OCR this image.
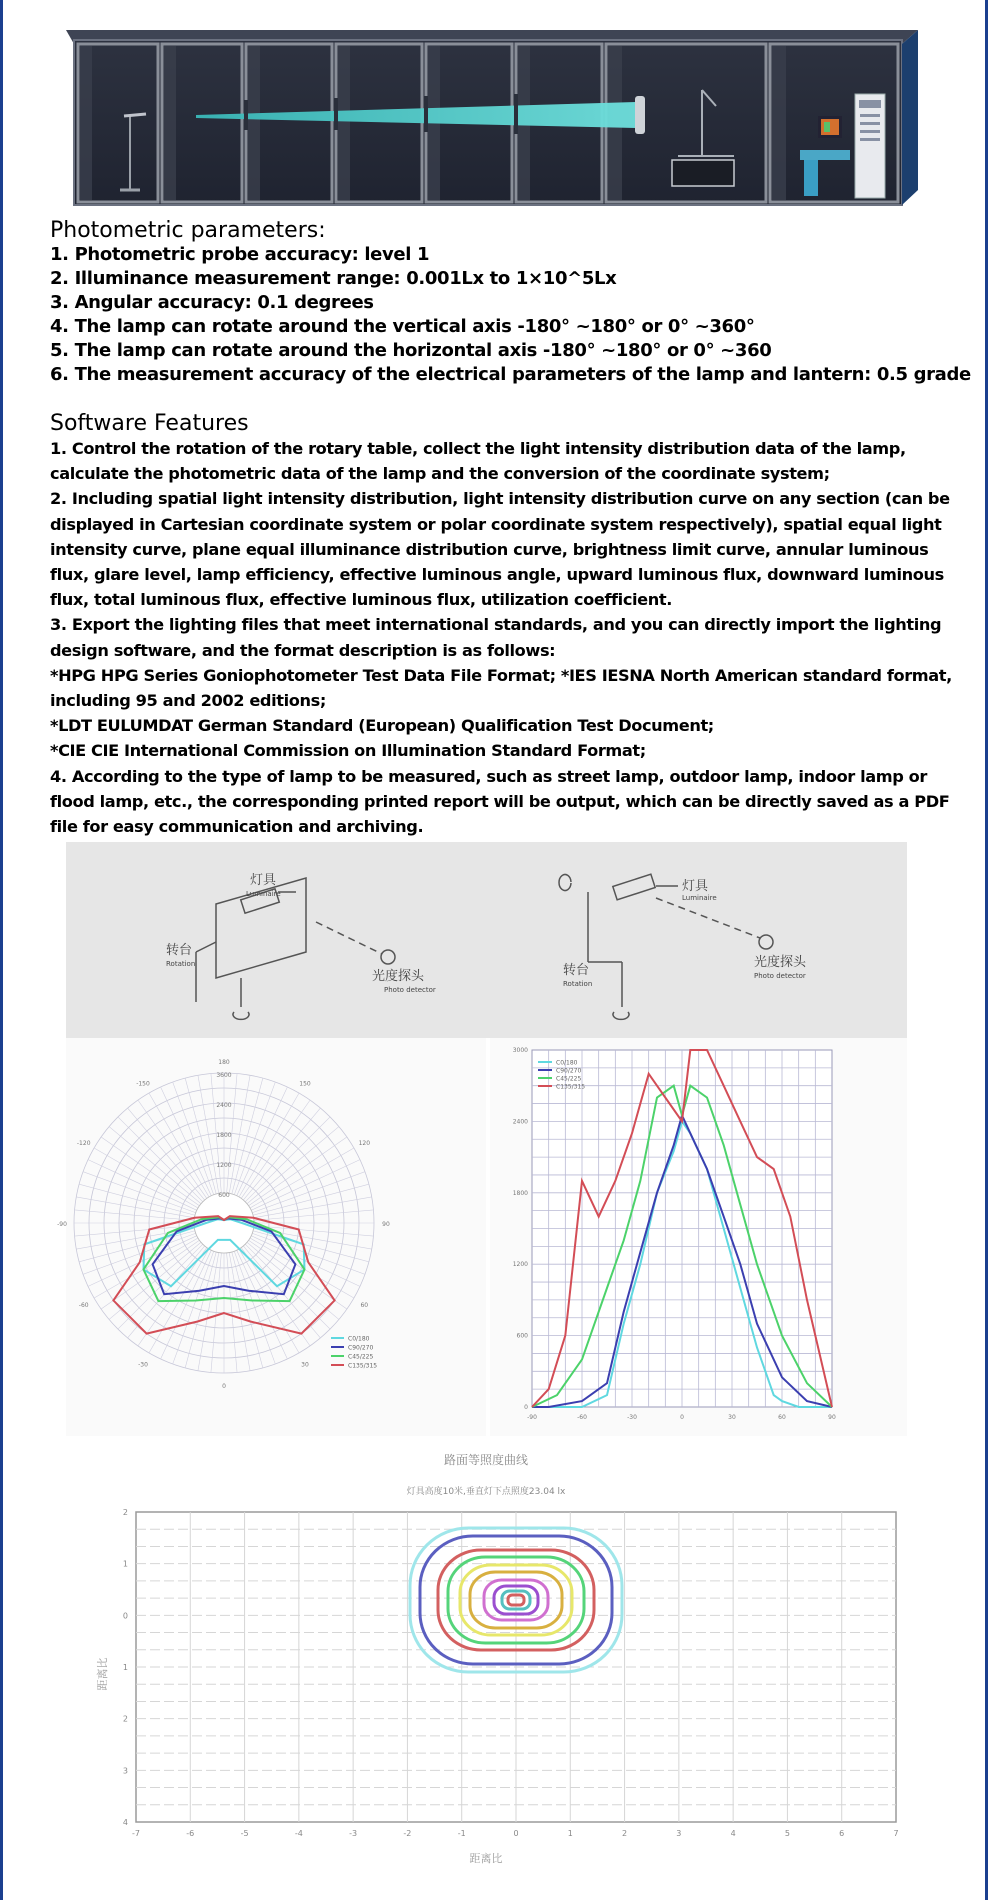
Photometric parameters:
1. Photometric probe accuracy: level 1
2. Illuminance measurement range: 0.001Lx to 1×10^5Lx
3. Angular accuracy: 0.1 degrees
4. The lamp can rotate around the vertical axis -180° ~180° or 0° ~360°
5. The lamp can rotate around the horizontal axis -180° ~180° or 0° ~360
6. The measurement accuracy of the electrical parameters of the lamp and lantern: 0.5 grade
Software Features

1. Control the rotation of the rotary table, collect the light intensity distribution data of the lamp, calculate the photometric data of the lamp and the conversion of the coordinate system;

2. Including spatial light intensity distribution, light intensity distribution curve on any section (can be displayed in Cartesian coordinate system or polar coordinate system respectively), spatial equal light intensity curve, plane equal illuminance distribution curve, brightness limit curve, annular luminous flux, glare level, lamp efficiency, effective luminous angle, upward luminous flux, downward luminous flux, total luminous flux, effective luminous flux, utilization coefficient.

3. Export the lighting files that meet international standards, and you can directly import the lighting design software, and the format description is as follows:

*HPG HPG Series Goniophotometer Test Data File Format; *IES IESNA North American standard format, including 95 and 2002 editions;

*LDT EULUMDAT German Standard (European) Qualification Test Document;

*CIE CIE International Commission on Illumination Standard Format;

4. According to the type of lamp to be measured, such as street lamp, outdoor lamp, indoor lamp or flood lamp, etc., the corresponding printed report will be output, which can be directly saved as a PDF file for easy communication and archiving.

灯具
Luminaire
转台
Rotation
光度探头
Photo detector
灯具
Luminaire
转台
Rotation
光度探头
Photo detector
3600
2400
1800
1200
600
180
150
120
90
60
30
0
-30
-60
-90
-120
-150
C0/180
C90/270
C45/225
C135/315
-90	-60	-30	0	30	60	90
3000
2400
1800
1200
600
0
C0/180
C90/270
C45/225
C135/315
路面等照度曲线
灯具高度10米,垂直灯下点照度23.04 lx
距离比
距离比
-7	-6	-5	-4	-3	-2	-1	0	1	2	3	4	5	6	7
2
1
0
1
2
3
4
